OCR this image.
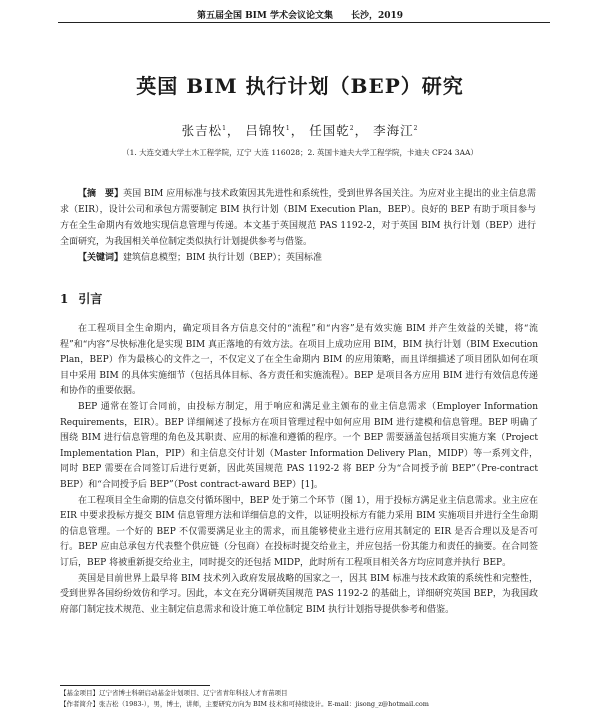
第五届全国 BIM 学术会议论文集　　长沙，2019
英国 BIM 执行计划（BEP）研究
张吉松$^1$， 吕锦牧$^1$， 任国乾$^2$， 李海江$^2$
（1. 大连交通大学土木工程学院，辽宁 大连 116028；2. 英国卡迪夫大学工程学院，卡迪夫 CF24 3AA）

【摘　要】英国 BIM 应用标准与技术政策因其先进性和系统性，受到世界各国关注。为应对业主提出的业主信息需求（EIR），设计公司和承包方需要制定 BIM 执行计划（BIM Execution Plan，BEP）。良好的 BEP 有助于项目参与方在全生命期内有效地实现信息管理与传递。本文基于英国规范 PAS 1192-2，对于英国 BIM 执行计划（BEP）进行全面研究，为我国相关单位制定类似执行计划提供参考与借鉴。

【关键词】建筑信息模型；BIM 执行计划（BEP）；英国标准

1 引言

在工程项目全生命期内，确定项目各方信息交付的“流程”和“内容”是有效实施 BIM 并产生效益的关键，将“流程”和“内容”尽快标准化是实现 BIM 真正落地的有效方法。在项目上成功应用 BIM，BIM 执行计划（BIM Execution Plan，BEP）作为最核心的文件之一，不仅定义了在全生命期内 BIM 的应用策略，而且详细描述了项目团队如何在项目中采用 BIM 的具体实施细节（包括具体目标、各方责任和实施流程）。BEP 是项目各方应用 BIM 进行有效信息传递和协作的重要依据。

BEP 通常在签订合同前，由投标方制定，用于响应和满足业主颁布的业主信息需求（Employer Information Requirements，EIR）。BEP 详细阐述了投标方在项目管理过程中如何应用 BIM 进行建模和信息管理。BEP 明确了围绕 BIM 进行信息管理的角色及其职责、应用的标准和遵循的程序。一个 BEP 需要涵盖包括项目实施方案（Project Implementation Plan，PIP）和主信息交付计划（Master Information Delivery Plan，MIDP）等一系列文件，同时 BEP 需要在合同签订后进行更新，因此英国规范 PAS 1192-2 将 BEP 分为“合同授予前 BEP”（Pre-contract BEP）和“合同授予后 BEP”（Post contract-award BEP）[1]。

在工程项目全生命期的信息交付循环图中，BEP 处于第二个环节（图 1），用于投标方满足业主信息需求。业主应在 EIR 中要求投标方提交 BIM 信息管理方法和详细信息的文件，以证明投标方有能力采用 BIM 实施项目并进行全生命期的信息管理。一个好的 BEP 不仅需要满足业主的需求，而且能够使业主进行应用其制定的 EIR 是否合理以及是否可行。BEP 应由总承包方代表整个供应链（分包商）在投标时提交给业主，并应包括一份其能力和责任的摘要。在合同签订后，BEP 将被重新提交给业主，同时提交的还包括 MIDP，此时所有工程项目相关各方均应同意并执行 BEP。

英国是目前世界上最早将 BIM 技术列入政府发展战略的国家之一，因其 BIM 标准与技术政策的系统性和完整性，受到世界各国纷纷效仿和学习。因此，本文在充分调研英国规范 PAS 1192-2 的基础上，详细研究英国 BEP，为我国政府部门制定技术规范、业主制定信息需求和设计施工单位制定 BIM 执行计划指导提供参考和借鉴。

【基金项目】辽宁省博士科研启动基金计划项目、辽宁省青年科技人才育苗项目
【作者简介】张吉松（1983-），男，博士，讲师，主要研究方向为 BIM 技术和可持续设计。E-mail：jisong_z@hotmail.com
